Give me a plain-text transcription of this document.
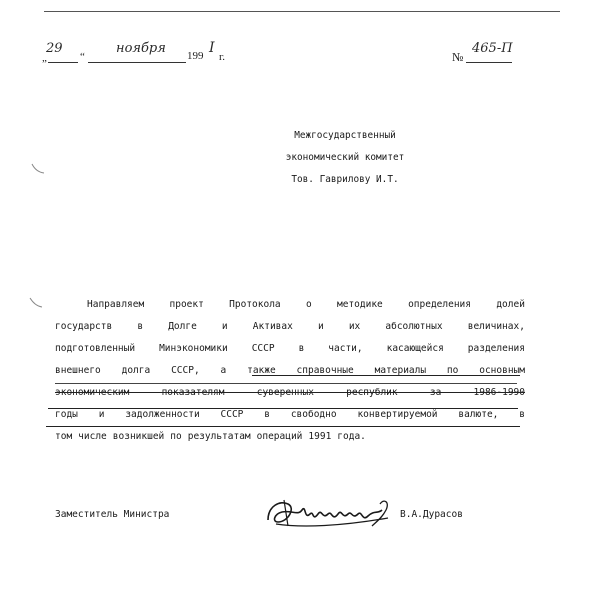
29
„	“
ноября 199 I
г.	№
465-П
Межгосударственный
экономический комитет
Тов. Гаврилову И.Т.
Направляем	проект	Протокола	о	методике	определения	долей
государств	в	Долге	и	Активах	и	их	абсолютных	величинах,
подготовленный	Минэкономики	СССР	в	части,	касающейся	разделения
внешнего долга СССР, а также справочные материалы по основным
экономическим	показателям	суверенных	республик	за	1986-1990
годы и задолженности СССР в свободно конвертируемой валюте, в
том числе возникшей по результатам операций 1991 года.
Заместитель Министра	В.А.Дурасов
